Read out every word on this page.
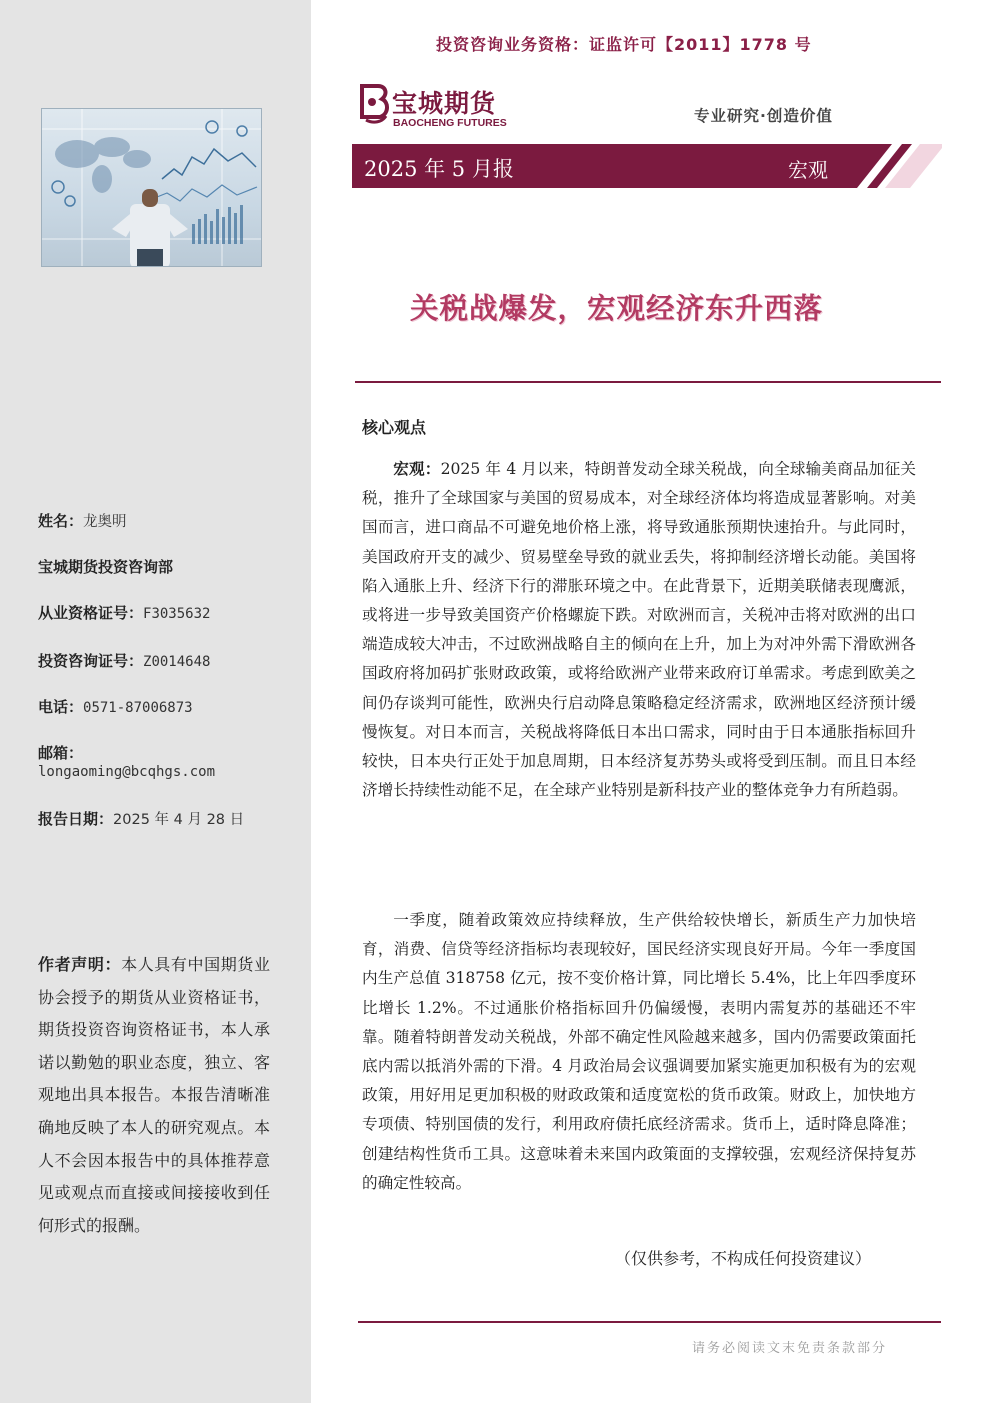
姓名：龙奥明
宝城期货投资咨询部
从业资格证号：F3035632
投资咨询证号：Z0014648
电话：0571-87006873
邮箱：
longaoming@bcqhgs.com
报告日期：2025 年 4 月 28 日
作者声明：本人具有中国期货业协会授予的期货从业资格证书，期货投资咨询资格证书，本人承诺以勤勉的职业态度，独立、客观地出具本报告。本报告清晰准确地反映了本人的研究观点。本人不会因本报告中的具体推荐意见或观点而直接或间接接收到任何形式的报酬。
投资咨询业务资格：证监许可【2011】1778 号
宝城期货
BAOCHENG FUTURES	专业研究·创造价值
2025 年 5 月报	宏观
关税战爆发，宏观经济东升西落
核心观点
宏观：2025 年 4 月以来，特朗普发动全球关税战，向全球输美商品加征关税，推升了全球国家与美国的贸易成本，对全球经济体均将造成显著影响。对美国而言，进口商品不可避免地价格上涨，将导致通胀预期快速抬升。与此同时，美国政府开支的减少、贸易壁垒导致的就业丢失，将抑制经济增长动能。美国将陷入通胀上升、经济下行的滞胀环境之中。在此背景下，近期美联储表现鹰派，或将进一步导致美国资产价格螺旋下跌。对欧洲而言，关税冲击将对欧洲的出口端造成较大冲击，不过欧洲战略自主的倾向在上升，加上为对冲外需下滑欧洲各国政府将加码扩张财政政策，或将给欧洲产业带来政府订单需求。考虑到欧美之间仍存谈判可能性，欧洲央行启动降息策略稳定经济需求，欧洲地区经济预计缓慢恢复。对日本而言，关税战将降低日本出口需求，同时由于日本通胀指标回升较快，日本央行正处于加息周期，日本经济复苏势头或将受到压制。而且日本经济增长持续性动能不足，在全球产业特别是新科技产业的整体竞争力有所趋弱。
一季度，随着政策效应持续释放，生产供给较快增长，新质生产力加快培育，消费、信贷等经济指标均表现较好，国民经济实现良好开局。今年一季度国内生产总值 318758 亿元，按不变价格计算，同比增长 5.4%，比上年四季度环比增长 1.2%。不过通胀价格指标回升仍偏缓慢，表明内需复苏的基础还不牢靠。随着特朗普发动关税战，外部不确定性风险越来越多，国内仍需要政策面托底内需以抵消外需的下滑。4 月政治局会议强调要加紧实施更加积极有为的宏观政策，用好用足更加积极的财政政策和适度宽松的货币政策。财政上，加快地方专项债、特别国债的发行，利用政府债托底经济需求。货币上，适时降息降准；创建结构性货币工具。这意味着未来国内政策面的支撑较强，宏观经济保持复苏的确定性较高。
（仅供参考，不构成任何投资建议）
请务必阅读文末免责条款部分
